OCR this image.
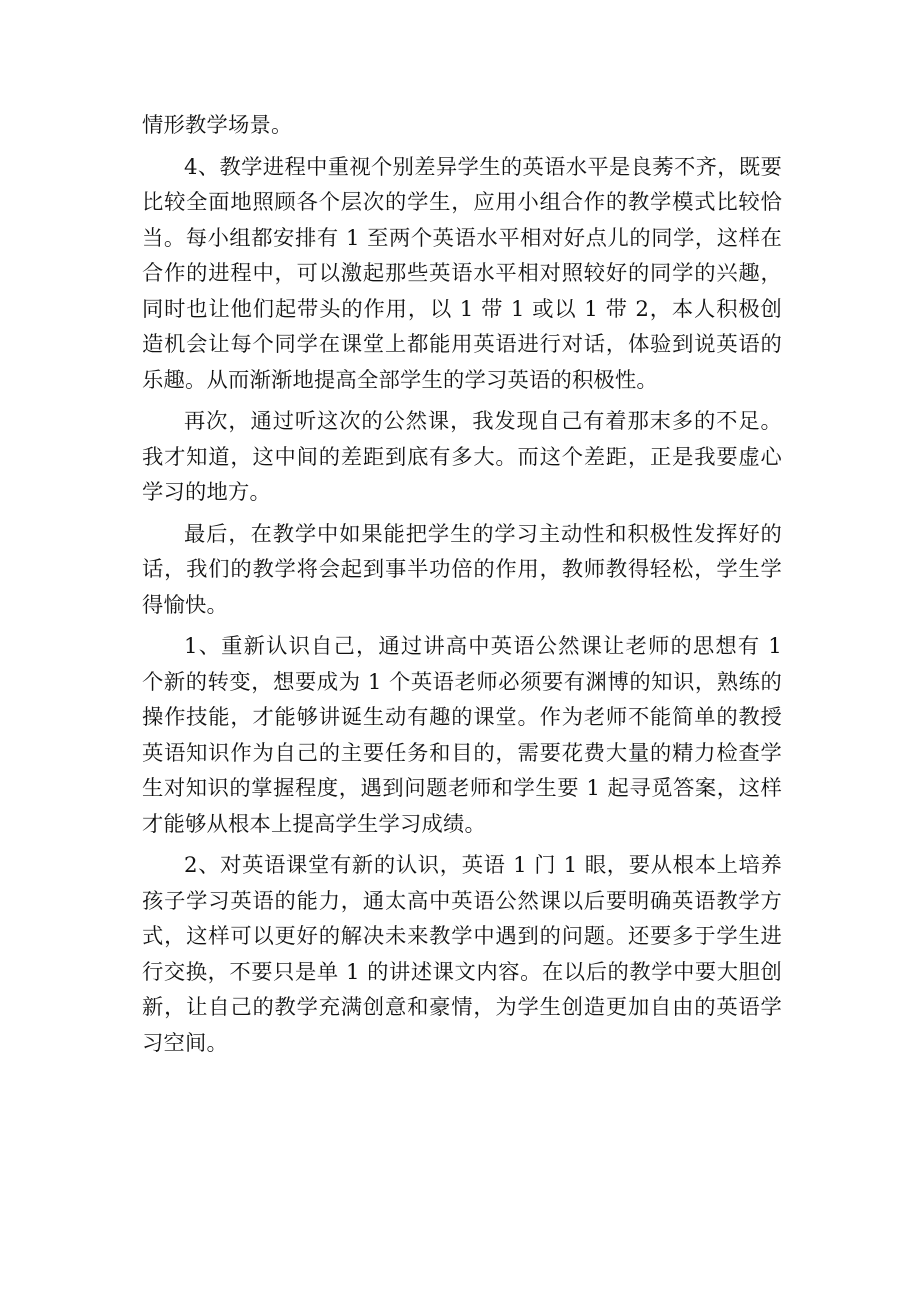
情形教学场景。

4、教学进程中重视个别差异学生的英语水平是良莠不齐，既要比较全面地照顾各个层次的学生，应用小组合作的教学模式比较恰当。每小组都安排有 1 至两个英语水平相对好点儿的同学，这样在合作的进程中，可以激起那些英语水平相对照较好的同学的兴趣，同时也让他们起带头的作用，以 1 带 1 或以 1 带 2，本人积极创造机会让每个同学在课堂上都能用英语进行对话，体验到说英语的乐趣。从而渐渐地提高全部学生的学习英语的积极性。

再次，通过听这次的公然课，我发现自己有着那末多的不足。我才知道，这中间的差距到底有多大。而这个差距，正是我要虚心学习的地方。

最后，在教学中如果能把学生的学习主动性和积极性发挥好的话，我们的教学将会起到事半功倍的作用，教师教得轻松，学生学得愉快。

1、重新认识自己，通过讲高中英语公然课让老师的思想有 1 个新的转变，想要成为 1 个英语老师必须要有渊博的知识，熟练的操作技能，才能够讲诞生动有趣的课堂。作为老师不能简单的教授英语知识作为自己的主要任务和目的，需要花费大量的精力检查学生对知识的掌握程度，遇到问题老师和学生要 1 起寻觅答案，这样才能够从根本上提高学生学习成绩。

2、对英语课堂有新的认识，英语 1 门 1 眼，要从根本上培养孩子学习英语的能力，通太高中英语公然课以后要明确英语教学方式，这样可以更好的解决未来教学中遇到的问题。还要多于学生进行交换，不要只是单 1 的讲述课文内容。在以后的教学中要大胆创新，让自己的教学充满创意和豪情，为学生创造更加自由的英语学习空间。
